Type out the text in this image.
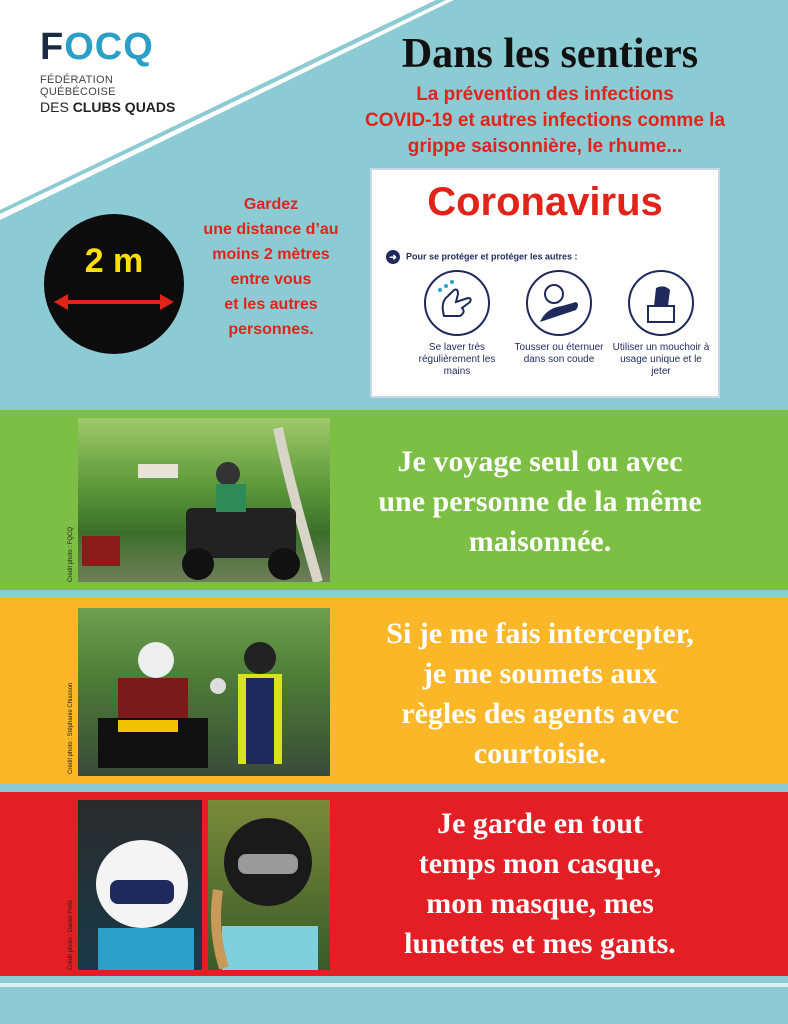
FOCQ
FÉDÉRATION QUÉBÉCOISE
DES CLUBS QUADS
Dans les sentiers
La prévention des infections
COVID-19 et autres infections comme la
grippe saisonnière, le rhume...
Gardez
une distance d’au
moins 2 mètres
entre vous
et les autres
personnes.
2 m
Coronavirus
➜ Pour se protéger et protéger les autres :
Se laver très régulièrement les mains
Tousser ou éternuer dans son coude
Utiliser un mouchoir à usage unique et le jeter
Crédit photo : FQCQ
Je voyage seul ou avec
une personne de la même
maisonnée.
Crédit photo : Stéphanie Chiasson
Si je me fais intercepter,
je me soumets aux
règles des agents avec
courtoisie.
Crédit photo : Daniel Potts
Je garde en tout
temps mon casque,
mon masque, mes
lunettes et mes gants.
